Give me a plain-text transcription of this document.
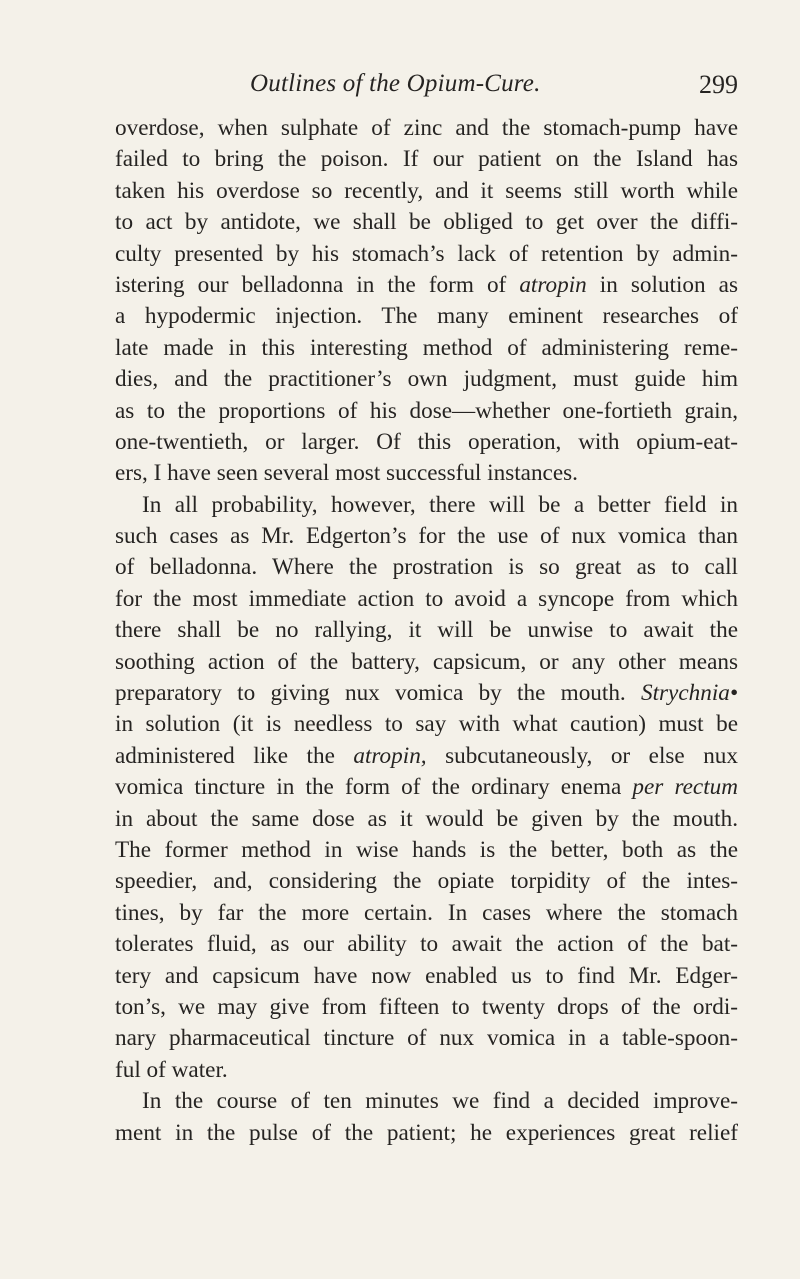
Outlines of the Opium-Cure.	299
overdose, when sulphate of zinc and the stomach-pump have
failed to bring the poison. If our patient on the Island has
taken his overdose so recently, and it seems still worth while
to act by antidote, we shall be obliged to get over the diffi-
culty presented by his stomach’s lack of retention by admin-
istering our belladonna in the form of atropin in solution as
a hypodermic injection. The many eminent researches of
late made in this interesting method of administering reme-
dies, and the practitioner’s own judgment, must guide him
as to the proportions of his dose—whether one-fortieth grain,
one-twentieth, or larger. Of this operation, with opium-eat-
ers, I have seen several most successful instances.
In all probability, however, there will be a better field in
such cases as Mr. Edgerton’s for the use of nux vomica than
of belladonna. Where the prostration is so great as to call
for the most immediate action to avoid a syncope from which
there shall be no rallying, it will be unwise to await the
soothing action of the battery, capsicum, or any other means
preparatory to giving nux vomica by the mouth. Strychnia•
in solution (it is needless to say with what caution) must be
administered like the atropin, subcutaneously, or else nux
vomica tincture in the form of the ordinary enema per rectum
in about the same dose as it would be given by the mouth.
The former method in wise hands is the better, both as the
speedier, and, considering the opiate torpidity of the intes-
tines, by far the more certain. In cases where the stomach
tolerates fluid, as our ability to await the action of the bat-
tery and capsicum have now enabled us to find Mr. Edger-
ton’s, we may give from fifteen to twenty drops of the ordi-
nary pharmaceutical tincture of nux vomica in a table-spoon-
ful of water.
In the course of ten minutes we find a decided improve-
ment in the pulse of the patient; he experiences great relief
